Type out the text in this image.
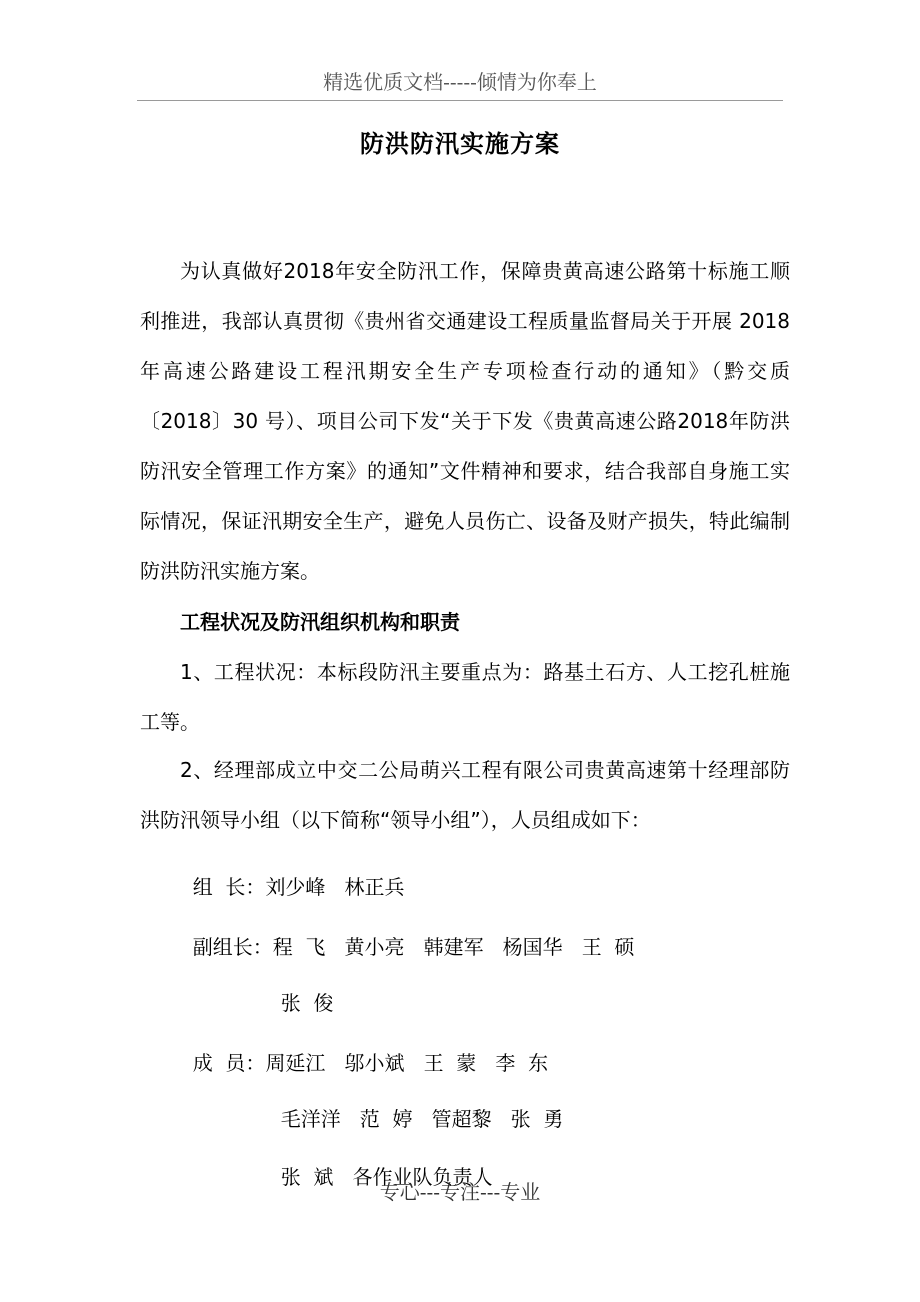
精选优质文档-----倾情为你奉上
防洪防汛实施方案

为认真做好2018年安全防汛工作，保障贵黄高速公路第十标施工顺利推进，我部认真贯彻《贵州省交通建设工程质量监督局关于开展 2018 年高速公路建设工程汛期安全生产专项检查行动的通知》（黔交质〔2018〕30 号）、项目公司下发“关于下发《贵黄高速公路2018年防洪防汛安全管理工作方案》的通知”文件精神和要求，结合我部自身施工实际情况，保证汛期安全生产，避免人员伤亡、设备及财产损失，特此编制防洪防汛实施方案。

工程状况及防汛组织机构和职责

1、工程状况：本标段防汛主要重点为：路基土石方、人工挖孔桩施工等。

2、经理部成立中交二公局萌兴工程有限公司贵黄高速第十经理部防洪防汛领导小组（以下简称“领导小组”），人员组成如下：

组  长：刘少峰   林正兵

副组长：程  飞   黄小亮   韩建军   杨国华   王  硕

张  俊

成  员：周延江   邬小斌   王  蒙   李  东

毛洋洋   范  婷   管超黎   张  勇

张  斌   各作业队负责人

专心---专注---专业
